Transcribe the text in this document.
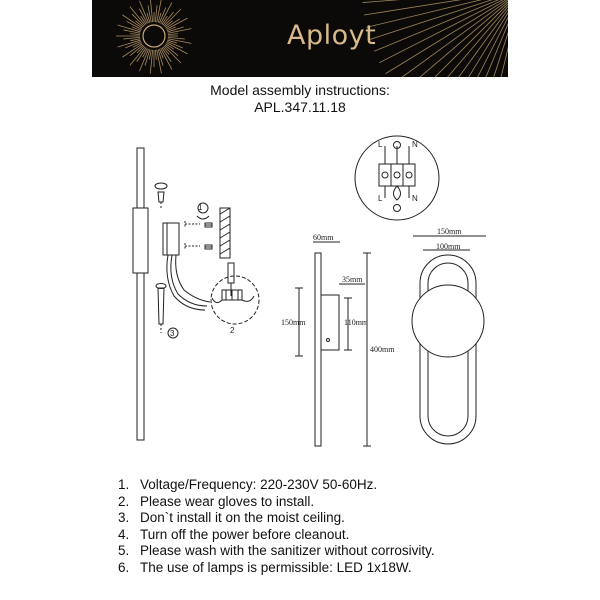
Aployt
Model assembly instructions:
APL.347.11.18
1
2
3
L	N
L	N
60mm
35mm
150mm	110mm
400mm
150mm
100mm
1. Voltage/Frequency: 220-230V 50-60Hz.
2. Please wear gloves to install.
3. Don`t install it on the moist ceiling.
4. Turn off the power before cleanout.
5. Please wash with the sanitizer without corrosivity.
6. The use of lamps is permissible: LED 1x18W.
